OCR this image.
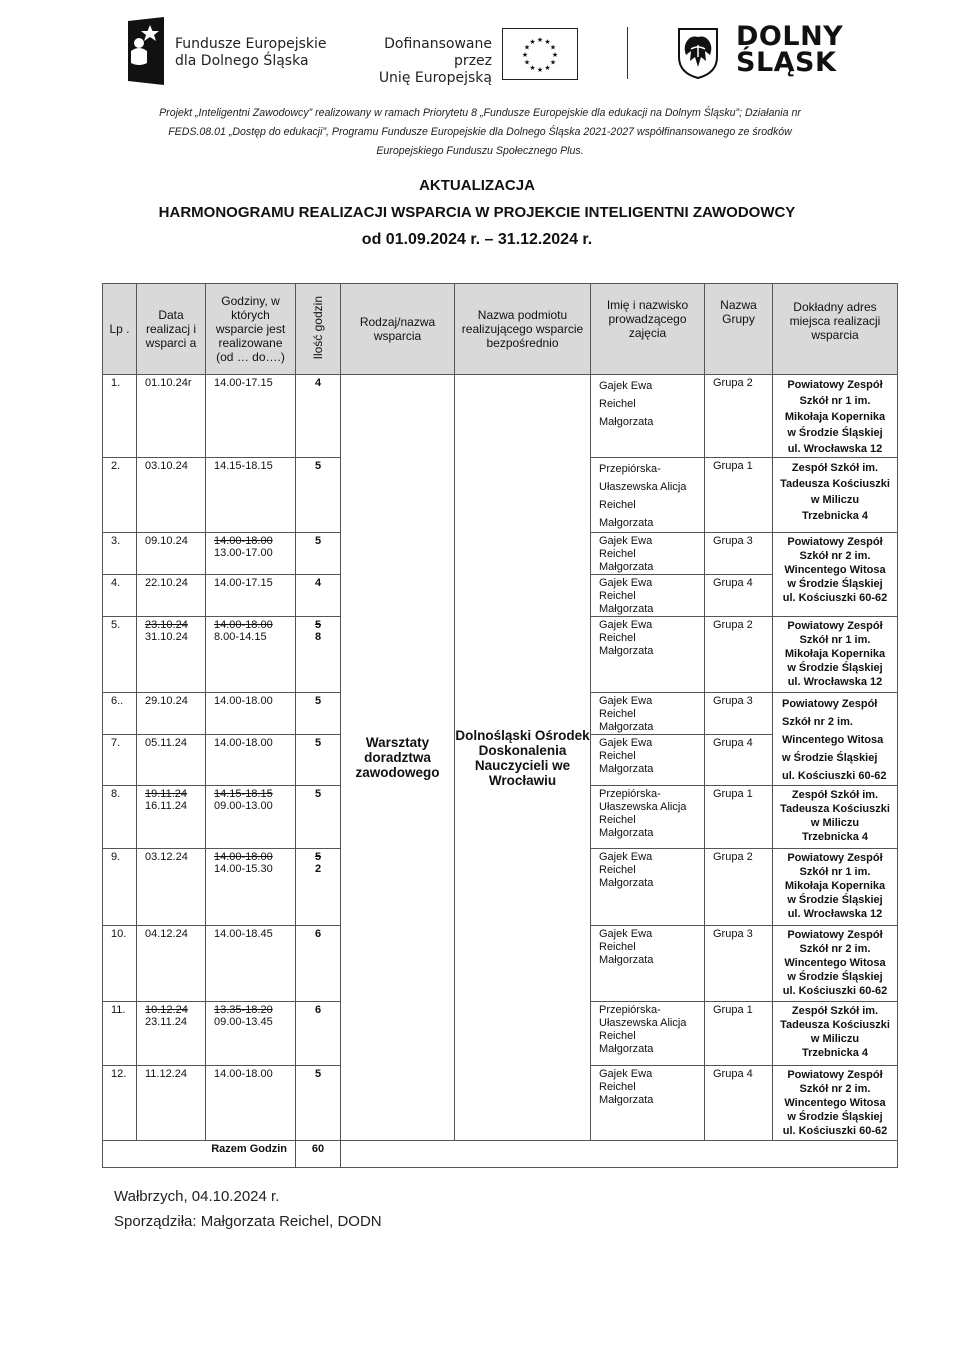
Fundusze Europejskie
dla Dolnego Śląska
Dofinansowane przez
Unię Europejską
★ ★
★
★
★
★
★
★
★
★
★
★	DOLNY
ŚLĄSK
Projekt „Inteligentni Zawodowcy” realizowany w ramach Priorytetu 8 „Fundusze Europejskie dla edukacji na Dolnym Śląsku”; Działania nr
FEDS.08.01 „Dostęp do edukacji”, Programu Fundusze Europejskie dla Dolnego Śląska 2021-2027 współfinansowanego ze środków
Europejskiego Funduszu Społecznego Plus.
AKTUALIZACJA
HARMONOGRAMU REALIZACJI WSPARCIA W PROJEKCIE INTELIGENTNI ZAWODOWCY
od 01.09.2024 r. – 31.12.2024 r.
Lp .	Data realizacj i wsparci a	Godziny, w których wsparcie jest realizowane (od … do….)	Ilość godzin	Rodzaj/nazwa wsparcia	Nazwa podmiotu realizującego wsparcie bezpośrednio	Imię i nazwisko prowadzącego zajęcia	Nazwa Grupy	Dokładny adres miejsca realizacji wsparcia

1.	01.10.24r	14.00-17.15	4	Warsztaty doradztwa zawodowego	Dolnośląski Ośrodek Doskonalenia Nauczycieli we Wrocławiu	Gajek Ewa
Reichel
Małgorzata	Grupa 2	Powiatowy Zespół
Szkół nr 1 im.
Mikołaja Kopernika
w Środzie Śląskiej
ul. Wrocławska 12

2.	03.10.24	14.15-18.15	5			Przepiórska-
Ułaszewska Alicja
Reichel
Małgorzata	Grupa 1	Zespół Szkół im.
Tadeusza Kościuszki
w Miliczu
Trzebnicka 4

3.	09.10.24	14.00-18.00
13.00-17.00	5			Gajek Ewa
Reichel
Małgorzata	Grupa 3	Powiatowy Zespół
Szkół nr 2 im.
Wincentego Witosa
w Środzie Śląskiej
ul. Kościuszki 60-62

4.	22.10.24	14.00-17.15	4			Gajek Ewa
Reichel
Małgorzata	Grupa 4	

5.	23.10.24
31.10.24	14.00-18.00
8.00-14.15	5
8			Gajek Ewa
Reichel
Małgorzata	Grupa 2	Powiatowy Zespół
Szkół nr 1 im.
Mikołaja Kopernika
w Środzie Śląskiej
ul. Wrocławska 12

6..	29.10.24	14.00-18.00	5			Gajek Ewa
Reichel
Małgorzata	Grupa 3	Powiatowy Zespół
Szkół nr 2 im.
Wincentego Witosa
w Środzie Śląskiej
ul. Kościuszki 60-62

7.	05.11.24	14.00-18.00	5			Gajek Ewa
Reichel
Małgorzata	Grupa 4	

8.	19.11.24
16.11.24	14.15-18.15
09.00-13.00	5			Przepiórska-
Ułaszewska Alicja
Reichel
Małgorzata	Grupa 1	Zespół Szkół im.
Tadeusza Kościuszki
w Miliczu
Trzebnicka 4

9.	03.12.24	14.00-18.00
14.00-15.30	5
2			Gajek Ewa
Reichel
Małgorzata	Grupa 2	Powiatowy Zespół
Szkół nr 1 im.
Mikołaja Kopernika
w Środzie Śląskiej
ul. Wrocławska 12

10.	04.12.24	14.00-18.45	6			Gajek Ewa
Reichel
Małgorzata	Grupa 3	Powiatowy Zespół
Szkół nr 2 im.
Wincentego Witosa
w Środzie Śląskiej
ul. Kościuszki 60-62

11.	10.12.24
23.11.24	13.35-18.20
09.00-13.45	6			Przepiórska-
Ułaszewska Alicja
Reichel
Małgorzata	Grupa 1	Zespół Szkół im.
Tadeusza Kościuszki
w Miliczu
Trzebnicka 4

12.	11.12.24	14.00-18.00	5			Gajek Ewa
Reichel
Małgorzata	Grupa 4	Powiatowy Zespół
Szkół nr 2 im.
Wincentego Witosa
w Środzie Śląskiej
ul. Kościuszki 60-62

Razem Godzin			60					

Wałbrzych, 04.10.2024 r.
Sporządziła: Małgorzata Reichel, DODN
